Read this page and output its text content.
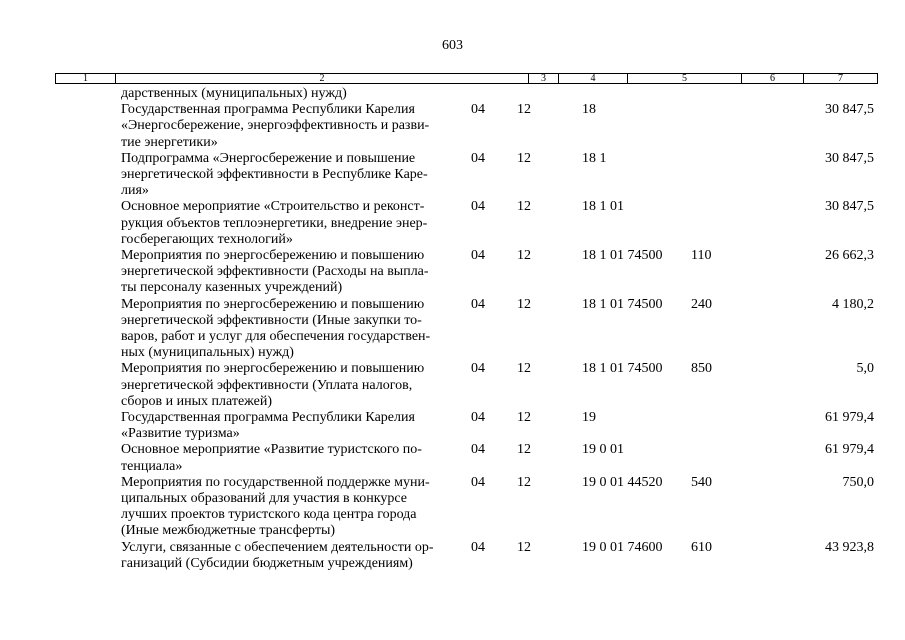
603
1	2	3	4	5	6	7
дарственных (муниципальных) нужд)
Государственная программа Республики Карелия
«Энергосбережение, энергоэффективность и разви-
тие энергетики»
04 12	18	30 847,5
Подпрограмма «Энергосбережение и повышение
энергетической эффективности в Республике Каре-
лия»
04 12	18 1	30 847,5
Основное мероприятие «Строительство и реконст-
рукция объектов теплоэнергетики, внедрение энер-
госберегающих технологий»
04 12	18 1 01	30 847,5
Мероприятия по энергосбережению и повышению
энергетической эффективности (Расходы на выпла-
ты персоналу казенных учреждений)
04 12	18 1 01 74500 110	26 662,3
Мероприятия по энергосбережению и повышению
энергетической эффективности (Иные закупки то-
варов, работ и услуг для обеспечения государствен-
ных (муниципальных) нужд)
04 12	18 1 01 74500 240	4 180,2
Мероприятия по энергосбережению и повышению
энергетической эффективности (Уплата налогов,
сборов и иных платежей)
04 12	18 1 01 74500 850	5,0
Государственная программа Республики Карелия
«Развитие туризма»
04 12	19	61 979,4
Основное мероприятие «Развитие туристского по-
тенциала»
04 12	19 0 01	61 979,4
Мероприятия по государственной поддержке муни-
ципальных образований для участия в конкурсе
лучших проектов туристского кода центра города
(Иные межбюджетные трансферты)
04 12	19 0 01 44520 540	750,0
Услуги, связанные с обеспечением деятельности ор-
ганизаций (Субсидии бюджетным учреждениям)
04 12	19 0 01 74600 610	43 923,8
